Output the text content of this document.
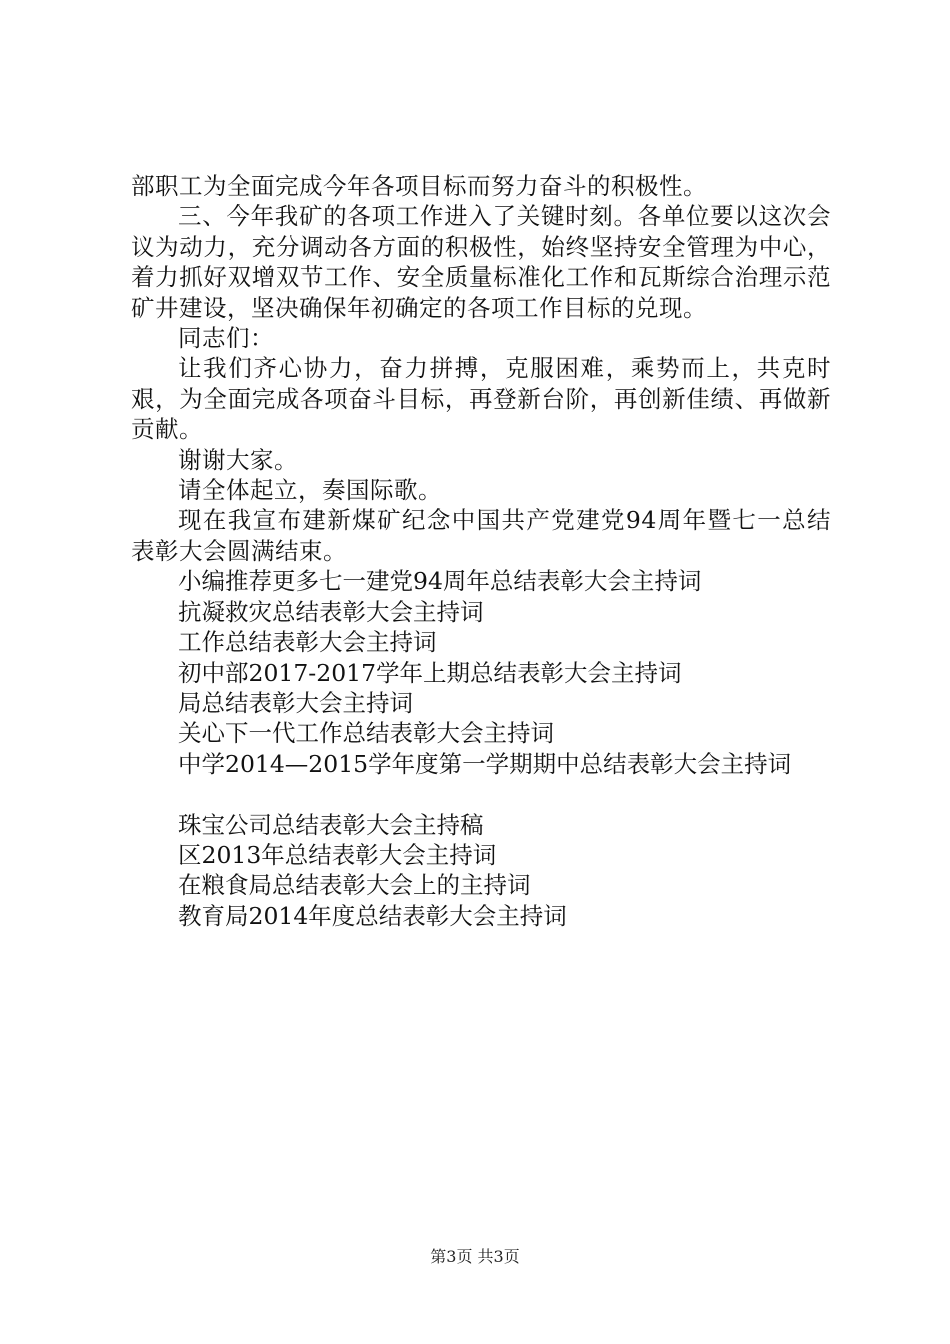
部职工为全面完成今年各项目标而努力奋斗的积极性。

三、今年我矿的各项工作进入了关键时刻。各单位要以这次会议为动力，充分调动各方面的积极性，始终坚持安全管理为中心，着力抓好双增双节工作、安全质量标准化工作和瓦斯综合治理示范矿井建设，坚决确保年初确定的各项工作目标的兑现。

同志们：

让我们齐心协力，奋力拼搏，克服困难，乘势而上，共克时艰，为全面完成各项奋斗目标，再登新台阶，再创新佳绩、再做新贡献。

谢谢大家。

请全体起立，奏国际歌。

现在我宣布建新煤矿纪念中国共产党建党94周年暨七一总结表彰大会圆满结束。

小编推荐更多七一建党94周年总结表彰大会主持词
抗凝救灾总结表彰大会主持词
工作总结表彰大会主持词
初中部2017-2017学年上期总结表彰大会主持词
局总结表彰大会主持词
关心下一代工作总结表彰大会主持词
中学2014—2015学年度第一学期期中总结表彰大会主持词
珠宝公司总结表彰大会主持稿
区2013年总结表彰大会主持词
在粮食局总结表彰大会上的主持词
教育局2014年度总结表彰大会主持词
第3页 共3页
